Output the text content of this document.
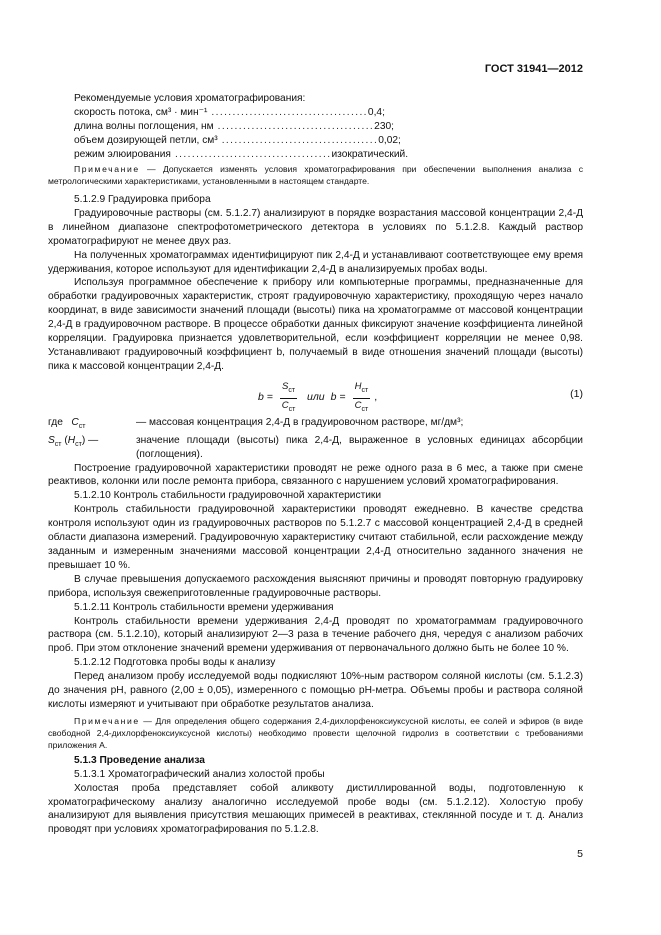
ГОСТ 31941—2012

Рекомендуемые условия хроматографирования:

скорость потока, см³ · мин⁻¹ ..................................... 0,4;
длина волны поглощения, нм ..................................... 230;
объем дозирующей петли, см³ ..................................... 0,02;
режим элюирования ..................................... изократический.

Примечание — Допускается изменять условия хроматографирования при обеспечении выполнения анализа с метрологическими характеристиками, установленными в настоящем стандарте.

5.1.2.9 Градуировка прибора

Градуировочные растворы (см. 5.1.2.7) анализируют в порядке возрастания массовой концентрации 2,4-Д в линейном диапазоне спектрофотометрического детектора в условиях по 5.1.2.8. Каждый раствор хроматографируют не менее двух раз.

На полученных хроматограммах идентифицируют пик 2,4-Д и устанавливают соответствующее ему время удерживания, которое используют для идентификации 2,4-Д в анализируемых пробах воды.

Используя программное обеспечение к прибору или компьютерные программы, предназначенные для обработки градуировочных характеристик, строят градуировочную характеристику, проходящую через начало координат, в виде зависимости значений площади (высоты) пика на хроматограмме от массовой концентрации 2,4-Д в градуировочном растворе. В процессе обработки данных фиксируют значение коэффициента линейной корреляции. Градуировка признается удовлетворительной, если коэффициент корреляции не менее 0,98. Устанавливают градуировочный коэффициент b, получаемый в виде отношения значений площади (высоты) пика к массовой концентрации 2,4-Д.

$b = \frac{S_{ст}}{C_{ст}}$ или $b = \frac{H_{ст}}{C_{ст}}$ ,	(1)
где $C_{ст}$	— массовая концентрация 2,4-Д в градуировочном растворе, мг/дм³;
$S_{ст}$ $(H_{ст})$ —	значение площади (высоты) пика 2,4-Д, выраженное в условных единицах абсорбции (поглощения).

Построение градуировочной характеристики проводят не реже одного раза в 6 мес, а также при смене реактивов, колонки или после ремонта прибора, связанного с нарушением условий хроматографирования.

5.1.2.10 Контроль стабильности градуировочной характеристики

Контроль стабильности градуировочной характеристики проводят ежедневно. В качестве средства контроля используют один из градуировочных растворов по 5.1.2.7 с массовой концентрацией 2,4-Д в средней области диапазона измерений. Градуировочную характеристику считают стабильной, если расхождение между заданным и измеренным значениями массовой концентрации 2,4-Д относительно заданного значения не превышает 10 %.

В случае превышения допускаемого расхождения выясняют причины и проводят повторную градуировку прибора, используя свежеприготовленные градуировочные растворы.

5.1.2.11 Контроль стабильности времени удерживания

Контроль стабильности времени удерживания 2,4-Д проводят по хроматограммам градуировочного раствора (см. 5.1.2.10), который анализируют 2—3 раза в течение рабочего дня, чередуя с анализом рабочих проб. При этом отклонение значений времени удерживания от первоначального должно быть не более 10 %.

5.1.2.12 Подготовка пробы воды к анализу

Перед анализом пробу исследуемой воды подкисляют 10%-ным раствором соляной кислоты (см. 5.1.2.3) до значения pH, равного (2,00 ± 0,05), измеренного с помощью pH-метра. Объемы пробы и раствора соляной кислоты измеряют и учитывают при обработке результатов анализа.

Примечание — Для определения общего содержания 2,4-дихлорфеноксиуксусной кислоты, ее солей и эфиров (в виде свободной 2,4-дихлорфеноксиуксусной кислоты) необходимо провести щелочной гидролиз в соответствии с требованиями приложения А.

5.1.3 Проведение анализа

5.1.3.1 Хроматографический анализ холостой пробы

Холостая проба представляет собой аликвоту дистиллированной воды, подготовленную к хроматографическому анализу аналогично исследуемой пробе воды (см. 5.1.2.12). Холостую пробу анализируют для выявления присутствия мешающих примесей в реактивах, стеклянной посуде и т. д. Анализ проводят при условиях хроматографирования по 5.1.2.8.

5
